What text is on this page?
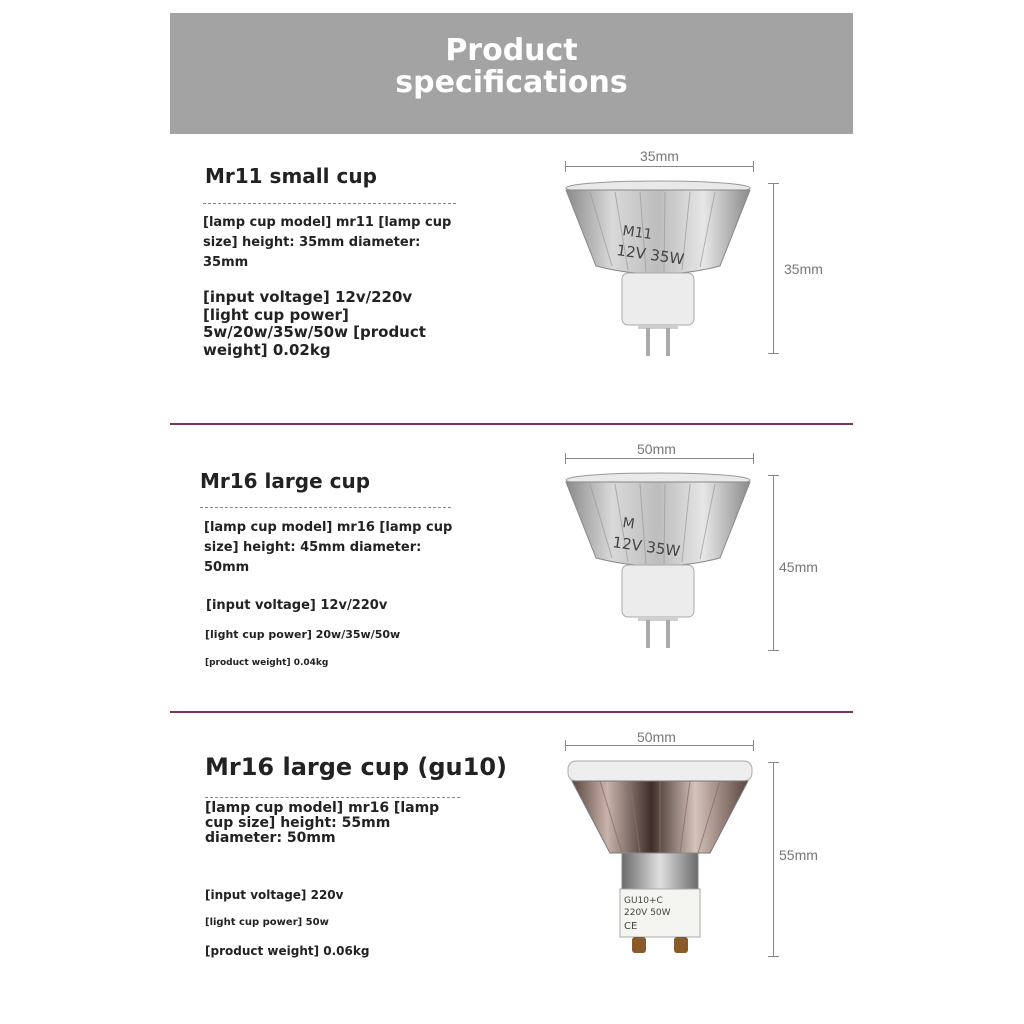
Product
specifications

Mr11 small cup

[lamp cup model] mr11 [lamp cup size] height: 35mm diameter: 35mm

[input voltage] 12v/220v [light cup power] 5w/20w/35w/50w [product weight] 0.02kg

35mm
35mm
M11
12V 35W

Mr16 large cup

[lamp cup model] mr16 [lamp cup size] height: 45mm diameter: 50mm

[input voltage] 12v/220v

[light cup power] 20w/35w/50w

[product weight] 0.04kg

50mm
45mm
M
12V 35W

Mr16 large cup (gu10)

[lamp cup model] mr16 [lamp cup size] height: 55mm diameter: 50mm

[input voltage] 220v

[light cup power] 50w

[product weight] 0.06kg

50mm
55mm
GU10+C
220V 50W
CE
